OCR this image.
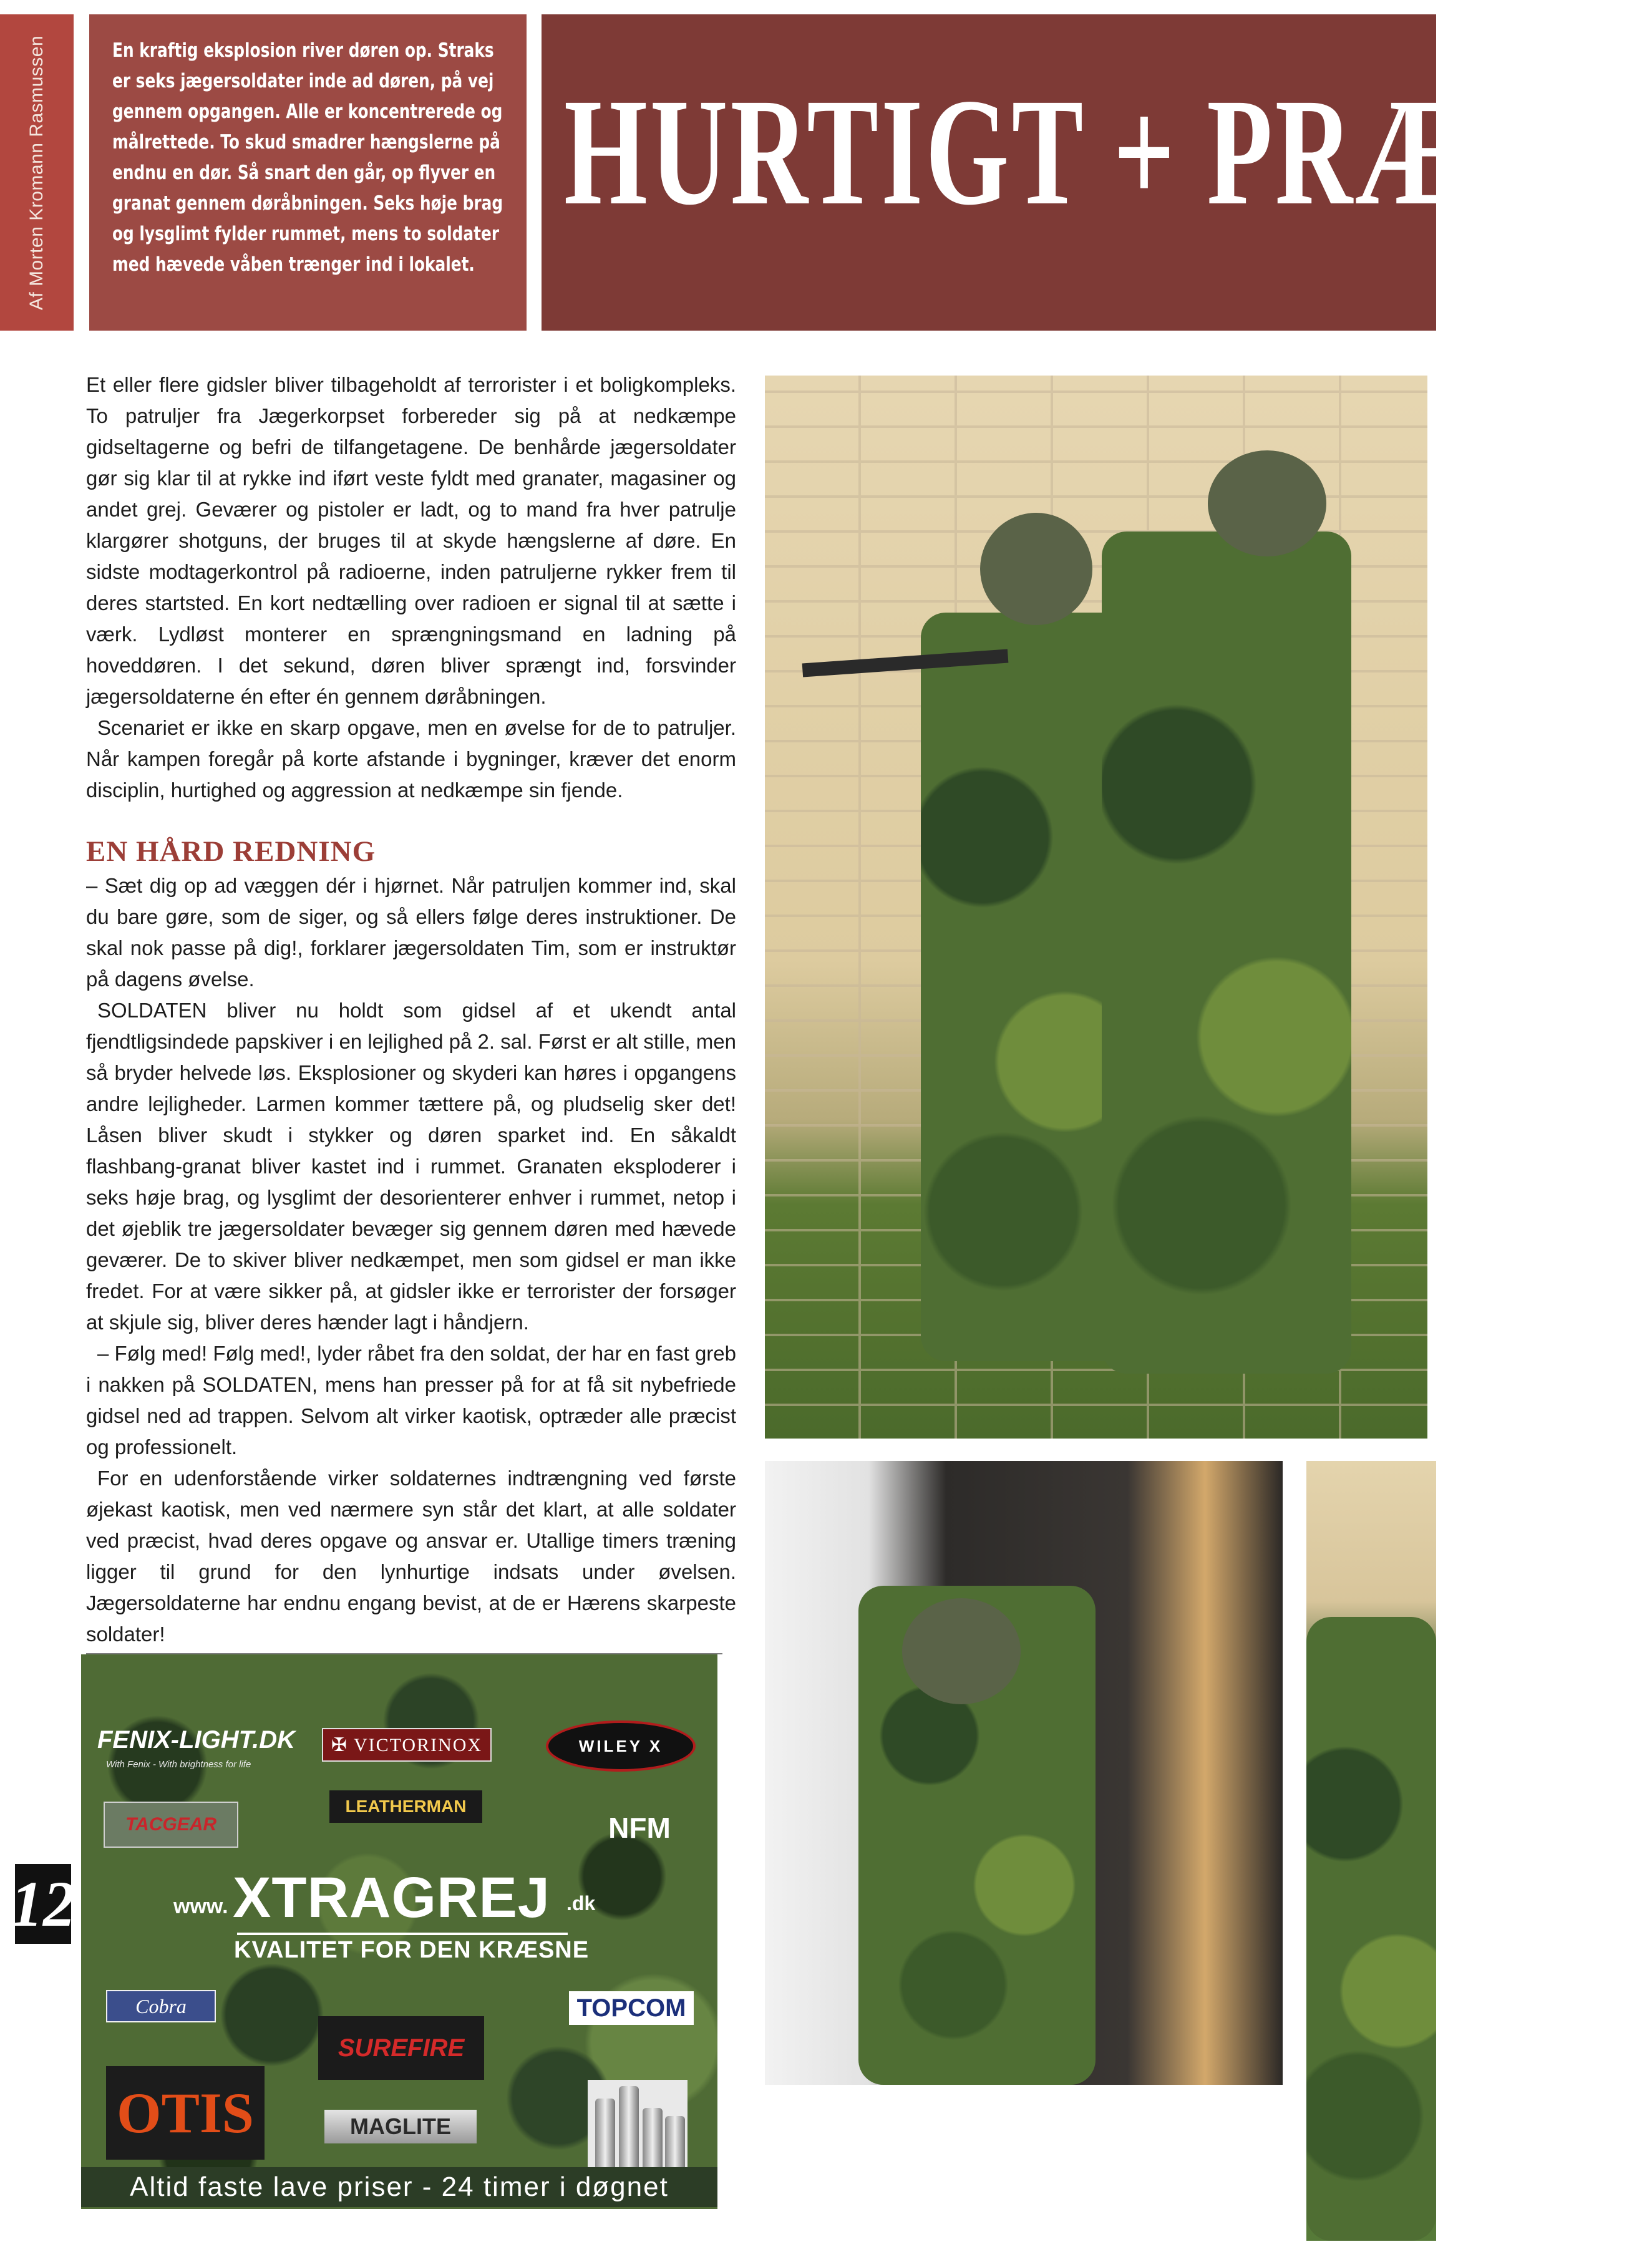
Af Morten Kromann Rasmussen	En kraftig eksplosion river døren op. Straks er seks jægersoldater inde ad døren, på vej gennem opgangen. Alle er koncentrerede og målrettede. To skud smadrer hængslerne på endnu en dør. Så snart den går, op flyver en granat gennem døråbningen. Seks høje brag og lysglimt fylder rummet, mens to soldater med hævede våben trænger ind i lokalet.

HURTIGT + PRÆCIS

Et eller flere gidsler bliver tilbageholdt af terrorister i et boligkompleks. To patruljer fra Jægerkorpset forbereder sig på at nedkæmpe gidseltagerne og befri de tilfangetagene. De benhårde jægersoldater gør sig klar til at rykke ind iført veste fyldt med granater, magasiner og andet grej. Geværer og pistoler er ladt, og to mand fra hver patrulje klargører shotguns, der bruges til at skyde hængslerne af døre. En sidste modtagerkontrol på radioerne, inden patruljerne rykker frem til deres startsted. En kort nedtælling over radioen er signal til at sætte i værk. Lydløst monterer en sprængningsmand en ladning på hoveddøren. I det sekund, døren bliver sprængt ind, forsvinder jægersoldaterne én efter én gennem døråbningen.

Scenariet er ikke en skarp opgave, men en øvelse for de to patruljer. Når kampen foregår på korte afstande i bygninger, kræver det enorm disciplin, hurtighed og aggression at nedkæmpe sin fjende.

EN HÅRD REDNING

– Sæt dig op ad væggen dér i hjørnet. Når patruljen kommer ind, skal du bare gøre, som de siger, og så ellers følge deres instruktioner. De skal nok passe på dig!, forklarer jægersoldaten Tim, som er instruktør på dagens øvelse.

SOLDATEN bliver nu holdt som gidsel af et ukendt antal fjendtligsindede papskiver i en lejlighed på 2. sal. Først er alt stille, men så bryder helvede løs. Eksplosioner og skyderi kan høres i opgangens andre lejligheder. Larmen kommer tættere på, og pludselig sker det! Låsen bliver skudt i stykker og døren sparket ind. En såkaldt flashbang-granat bliver kastet ind i rummet. Granaten eksploderer i seks høje brag, og lysglimt der desorienterer enhver i rummet, netop i det øjeblik tre jægersoldater bevæger sig gennem døren med hævede geværer. De to skiver bliver nedkæmpet, men som gidsel er man ikke fredet. For at være sikker på, at gidsler ikke er terrorister der forsøger at skjule sig, bliver deres hænder lagt i håndjern.

– Følg med! Følg med!, lyder råbet fra den soldat, der har en fast greb i nakken på SOLDATEN, mens han presser på for at få sit nybefriede gidsel ned ad trappen. Selvom alt virker kaotisk, optræder alle præcist og professionelt.

For en udenforstående virker soldaternes indtrængning ved første øjekast kaotisk, men ved nærmere syn står det klart, at alle soldater ved præcist, hvad deres opgave og ansvar er. Utallige timers træning ligger til grund for den lynhurtige indsats under øvelsen. Jægersoldaterne har endnu engang bevist, at de er Hærens skarpeste soldater!

FENIX-LIGHT.DK
With Fenix - With brightness for life
✠ VICTORINOX	WILEY X
LEATHERMAN
NFM
TACGEAR
www. XTRAGREJ .dk
KVALITET FOR DEN KRÆSNE
Cobra	TOPCOM
SUREFIRE
OTIS	MAGLITE
Altid faste lave priser - 24 timer i døgnet
12
